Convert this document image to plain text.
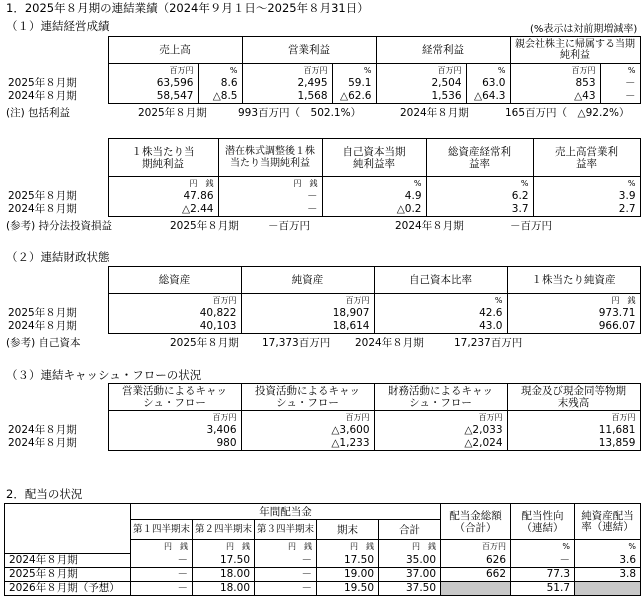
1．2025年８月期の連結業績（2024年９月１日～2025年８月31日）
（１）連結経営成績	(%表示は対前期増減率)
	売上高		営業利益		経常利益		親会社株主に帰属する当期純利益	
	百万円	%	百万円	%	百万円	%	百万円	%
2025年８月期	63,596	8.6	2,495	59.1	2,504	63.0	853	－
2024年８月期	58,547	△8.5	1,568	△62.6	1,536	△64.3	△43	－
(注) 包括利益	2025年８月期	993百万円（　502.1%）	2024年８月期	165百万円（　△92.2%）
	１株当たり当期純利益	潜在株式調整後１株当たり当期純利益	自己資本当期純利益率	総資産経常利益率	売上高営業利益率
	円　銭	円　銭	%	%	%
2025年８月期	47.86	－	4.9	6.2	3.9
2024年８月期	△2.44	－	△0.2	3.7	2.7
(参考) 持分法投資損益	2025年８月期	－百万円	2024年８月期	－百万円
（２）連結財政状態
	総資産	純資産	自己資本比率	１株当たり純資産
	百万円	百万円	%	円　銭
2025年８月期	40,822	18,907	42.6	973.71
2024年８月期	40,103	18,614	43.0	966.07
(参考) 自己資本	2025年８月期 17,373百万円 2024年８月期	17,237百万円
（３）連結キャッシュ・フローの状況
	営業活動によるキャッシュ・フロー	投資活動によるキャッシュ・フロー	財務活動によるキャッシュ・フロー	現金及び現金同等物期末残高
	百万円	百万円	百万円	百万円
2024年８月期	3,406	△3,600	△2,033	11,681
2024年８月期	980	△1,233	△2,024	13,859
2．配当の状況
	年間配当金					配当金総額（合計）	配当性向（連結）	純資産配当率（連結）
	第１四半期末	第２四半期末	第３四半期末	期末	合計			
	円　銭	円　銭	円　銭	円　銭	円　銭	百万円	%	%
2024年８月期	－	17.50	－	17.50	35.00	626	－	3.6
2025年８月期	－	18.00	－	19.00	37.00	662	77.3	3.8
2026年８月期（予想）	－	18.00	－	19.50	37.50		51.7	
